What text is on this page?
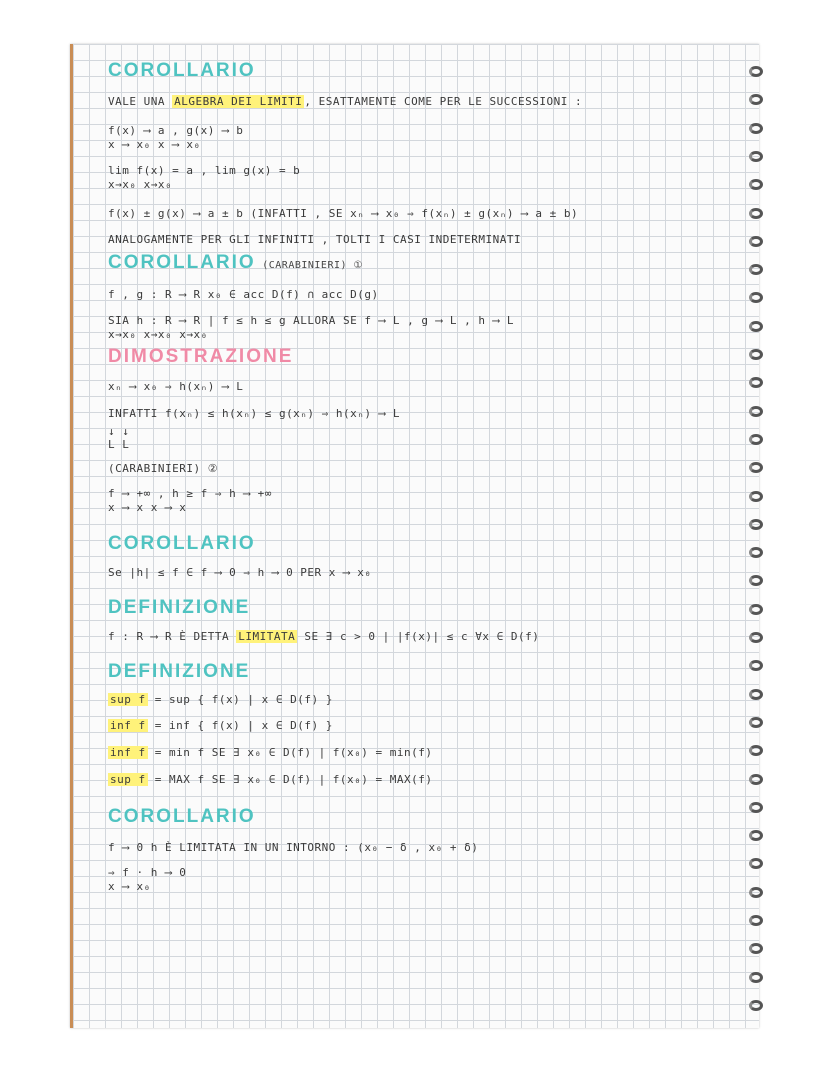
COROLLARIO
VALE UNA ALGEBRA DEI LIMITI , ESATTAMENTE COME PER LE SUCCESSIONI :
f(x) ⟶ a , g(x) ⟶ b
x ⟶ x₀ x ⟶ x₀
lim f(x) = a , lim g(x) = b
x→x₀ x→x₀
f(x) ± g(x) ⟶ a ± b (INFATTI , SE xₙ ⟶ x₀ ⇒ f(xₙ) ± g(xₙ) ⟶ a ± b)
ANALOGAMENTE PER GLI INFINITI , TOLTI I CASI INDETERMINATI
COROLLARIO (CARABINIERI) ①
f , g : R ⟶ R x₀ ∈ acc D(f) ∩ acc D(g)
SIA h : R ⟶ R | f ≤ h ≤ g ALLORA SE f ⟶ L , g ⟶ L , h ⟶ L
x→x₀ x→x₀ x→x₀
DIMOSTRAZIONE
xₙ ⟶ x₀ ⇒ h(xₙ) ⟶ L
INFATTI f(xₙ) ≤ h(xₙ) ≤ g(xₙ) ⇒ h(xₙ) ⟶ L
↓ ↓
L L
(CARABINIERI) ②
f ⟶ +∞ , h ≥ f ⇒ h ⟶ +∞
x ⟶ x x ⟶ x
COROLLARIO
Se |h| ≤ f ∈ f ⟶ 0 ⇒ h ⟶ 0 PER x ⟶ x₀
DEFINIZIONE
f : R ⟶ R È DETTA LIMITATA SE ∃ c > 0 | |f(x)| ≤ c ∀x ∈ D(f)
DEFINIZIONE
sup f = sup { f(x) | x ∈ D(f) }
inf f = inf { f(x) | x ∈ D(f) }
inf f = min f SE ∃ x₀ ∈ D(f) | f(x₀) = min(f)
sup f = MAX f SE ∃ x₀ ∈ D(f) | f(x₀) = MAX(f)
COROLLARIO
f ⟶ 0 h È LIMITATA IN UN INTORNO : (x₀ − δ , x₀ + δ)
⇒ f · h ⟶ 0
x ⟶ x₀
